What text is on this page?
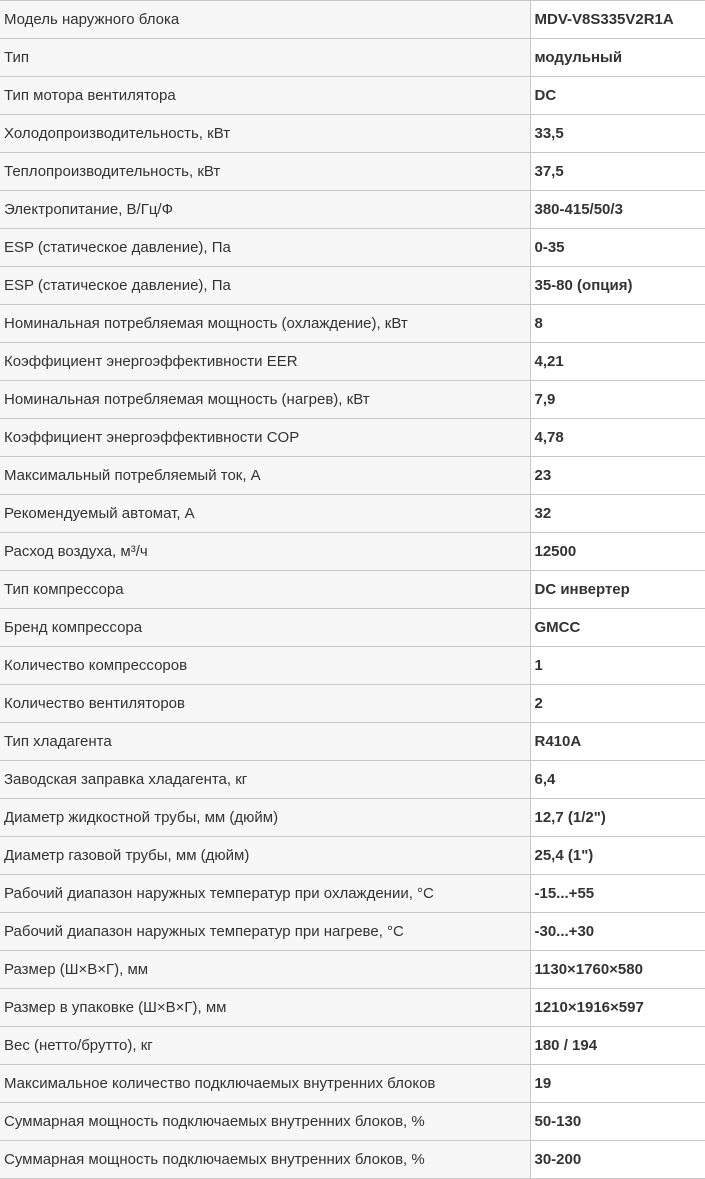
Модель наружного блока	MDV-V8S335V2R1A
Тип	модульный
Тип мотора вентилятора	DC
Холодопроизводительность, кВт	33,5
Теплопроизводительность, кВт	37,5
Электропитание, В/Гц/Ф	380-415/50/3
ESP (статическое давление), Па	0-35
ESP (статическое давление), Па	35-80 (опция)
Номинальная потребляемая мощность (охлаждение), кВт	8
Коэффициент энергоэффективности EER	4,21
Номинальная потребляемая мощность (нагрев), кВт	7,9
Коэффициент энергоэффективности COP	4,78
Максимальный потребляемый ток, А	23
Рекомендуемый автомат, А	32
Расход воздуха, м³/ч	12500
Тип компрессора	DC инвертер
Бренд компрессора	GMCC
Количество компрессоров	1
Количество вентиляторов	2
Тип хладагента	R410A
Заводская заправка хладагента, кг	6,4
Диаметр жидкостной трубы, мм (дюйм)	12,7 (1/2")
Диаметр газовой трубы, мм (дюйм)	25,4 (1")
Рабочий диапазон наружных температур при охлаждении, °С	-15...+55
Рабочий диапазон наружных температур при нагреве, °С	-30...+30
Размер (Ш×В×Г), мм	1130×1760×580
Размер в упаковке (Ш×В×Г), мм	1210×1916×597
Вес (нетто/брутто), кг	180 / 194
Максимальное количество подключаемых внутренних блоков	19
Суммарная мощность подключаемых внутренних блоков, %	50-130
Суммарная мощность подключаемых внутренних блоков, %	30-200
